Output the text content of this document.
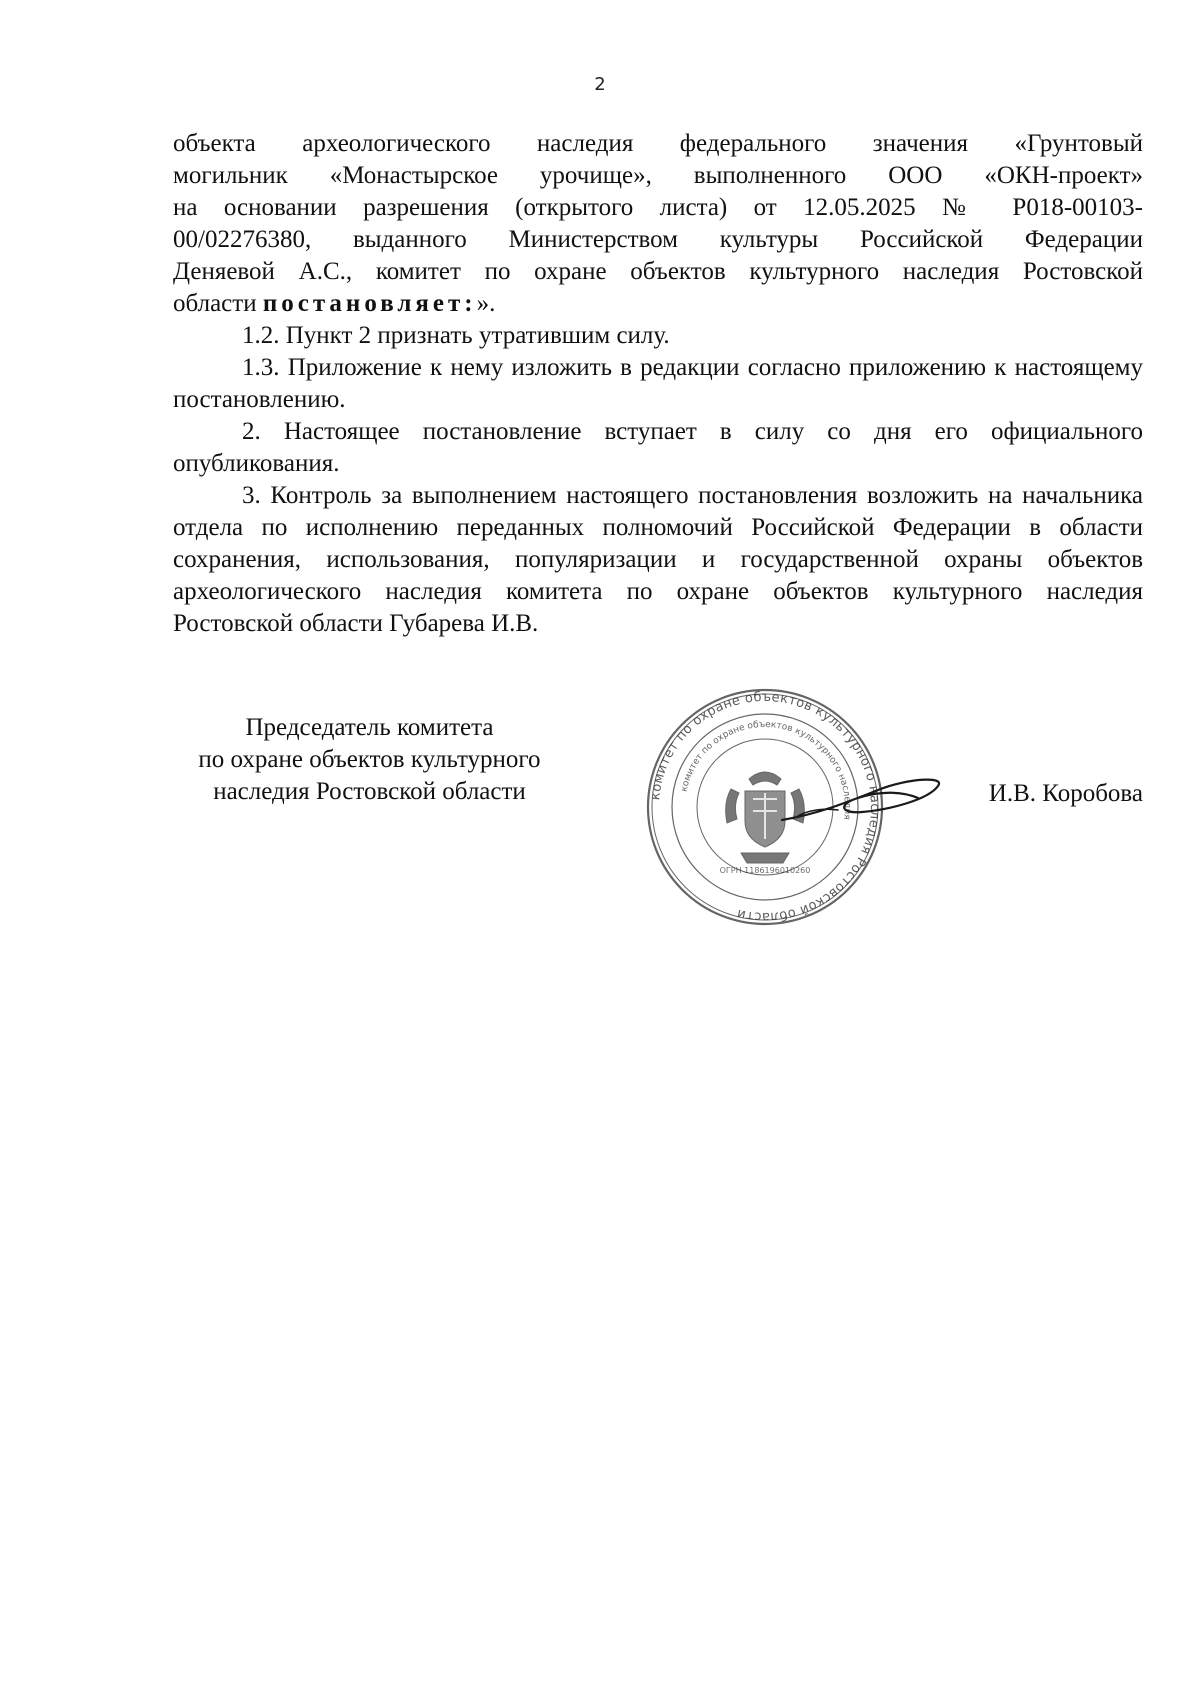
2

объекта археологического наследия федерального значения «Грунтовый

могильник «Монастырское урочище», выполненного ООО «ОКН-проект»

на основании разрешения (открытого листа) от 12.05.2025 № Р018-00103-

00/02276380, выданного Министерством культуры Российской Федерации

Деняевой А.С., комитет по охране объектов культурного наследия Ростовской

области постановляет:».

1.2. Пункт 2 признать утратившим силу.

1.3. Приложение к нему изложить в редакции согласно приложению к настоящему постановлению.

2. Настоящее постановление вступает в силу со дня его официального опубликования.

3. Контроль за выполнением настоящего постановления возложить на начальника отдела по исполнению переданных полномочий Российской Федерации в области сохранения, использования, популяризации и государственной охраны объектов археологического наследия комитета по охране объектов культурного наследия Ростовской области Губарева И.В.

Председатель комитета
по охране объектов культурного
наследия Ростовской области	комитет по охране объектов культурного наследия Ростовской области
комитет по охране объектов культурного наследия
ОГРН 1186196010260
И.В. Коробова
